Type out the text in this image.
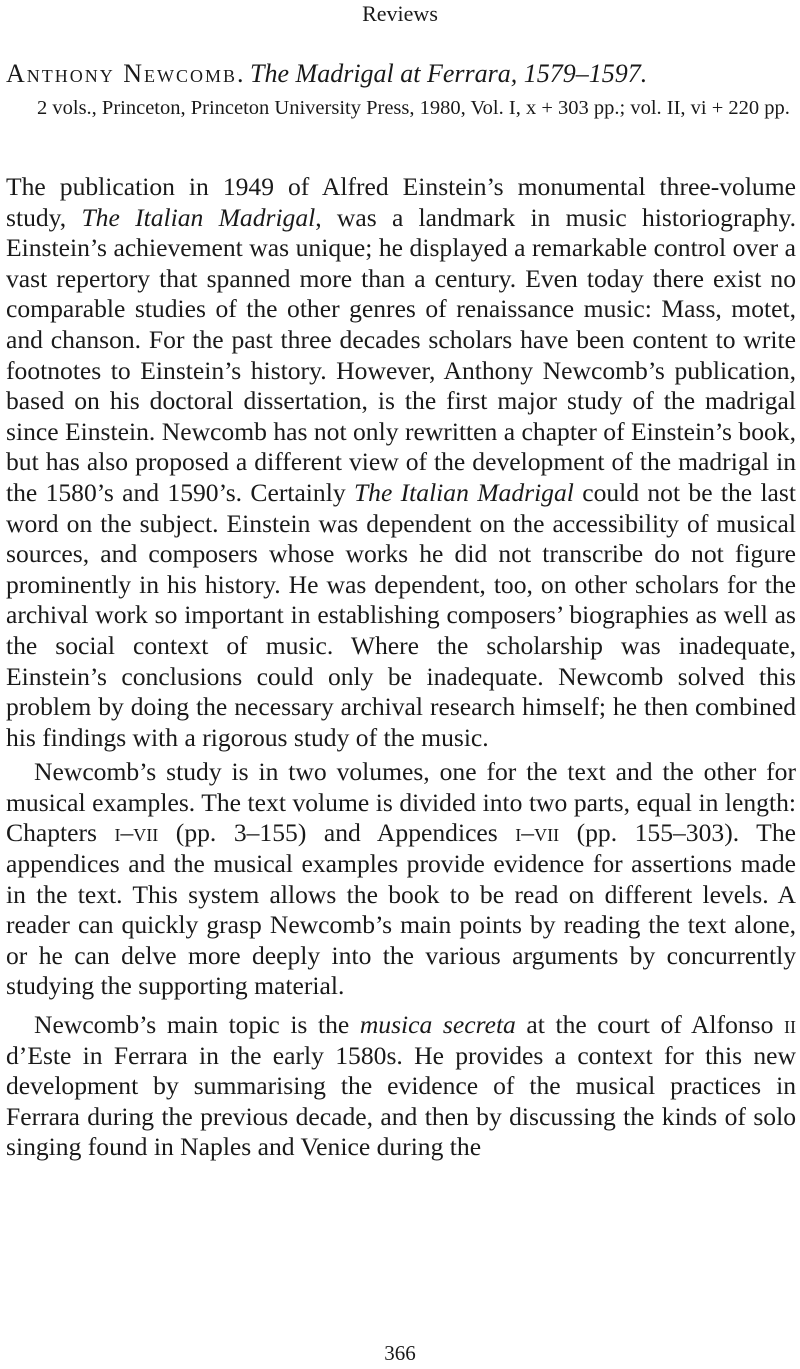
Reviews
Anthony Newcomb. The Madrigal at Ferrara, 1579–1597.
2 vols., Princeton, Princeton University Press, 1980, Vol. I, x + 303 pp.; vol. II, vi + 220 pp.

The publication in 1949 of Alfred Einstein’s monumental three-volume study, The Italian Madrigal, was a landmark in music historiography. Einstein’s achievement was unique; he displayed a remarkable control over a vast repertory that spanned more than a century. Even today there exist no comparable studies of the other genres of renaissance music: Mass, motet, and chanson. For the past three decades scholars have been content to write footnotes to Einstein’s history. However, Anthony Newcomb’s publication, based on his doctoral dissertation, is the first major study of the madrigal since Einstein. Newcomb has not only rewritten a chapter of Einstein’s book, but has also proposed a different view of the development of the madrigal in the 1580’s and 1590’s. Certainly The Italian Madrigal could not be the last word on the subject. Einstein was dependent on the accessibility of musical sources, and composers whose works he did not transcribe do not figure prominently in his history. He was dependent, too, on other scholars for the archival work so important in establishing composers’ biographies as well as the social context of music. Where the scholarship was inadequate, Einstein’s conclusions could only be inadequate. Newcomb solved this problem by doing the necessary archival research himself; he then combined his findings with a rigorous study of the music.

Newcomb’s study is in two volumes, one for the text and the other for musical examples. The text volume is divided into two parts, equal in length: Chapters i–vii (pp. 3–155) and Appendices i–vii (pp. 155–303). The appendices and the musical examples provide evidence for assertions made in the text. This system allows the book to be read on different levels. A reader can quickly grasp Newcomb’s main points by reading the text alone, or he can delve more deeply into the various arguments by concurrently studying the supporting material.

Newcomb’s main topic is the musica secreta at the court of Alfonso ii d’Este in Ferrara in the early 1580s. He provides a context for this new development by summarising the evidence of the musical practices in Ferrara during the previous decade, and then by discussing the kinds of solo singing found in Naples and Venice during the

366
